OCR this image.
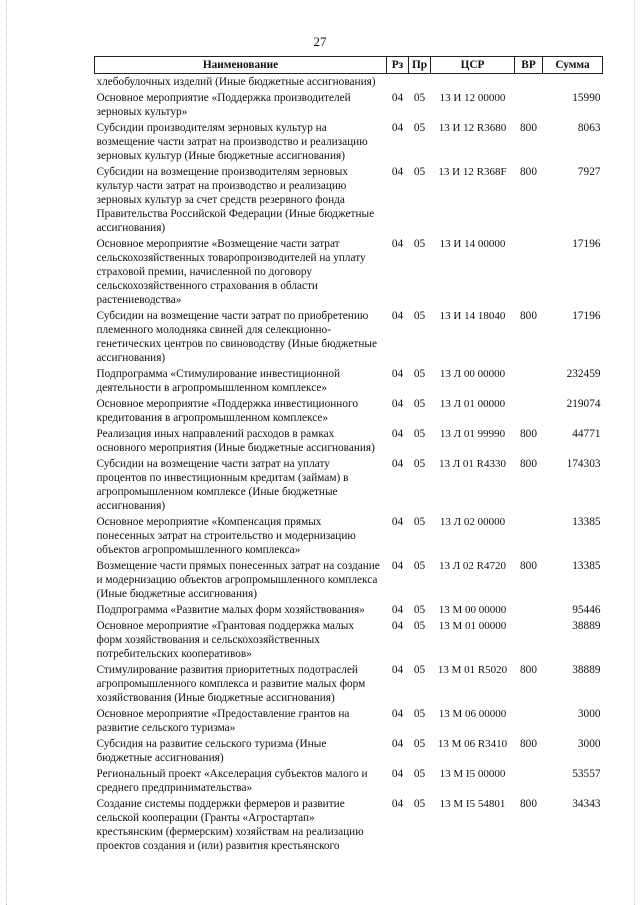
27
Наименование	Рз	Пр	ЦСР	ВР	Сумма
хлебобулочных изделий (Иные бюджетные ассигнования)					
Основное мероприятие «Поддержка производителей зерновых культур»	04	05	13 И 12 00000		15990
Субсидии производителям зерновых культур на возмещение части затрат на производство и реализацию зерновых культур (Иные бюджетные ассигнования)	04	05	13 И 12 R3680	800	8063
Субсидии на возмещение производителям зерновых культур части затрат на производство и реализацию зерновых культур за счет средств резервного фонда Правительства Российской Федерации (Иные бюджетные ассигнования)	04	05	13 И 12 R368F	800	7927
Основное мероприятие «Возмещение части затрат сельскохозяйственных товаропроизводителей на уплату страховой премии, начисленной по договору сельскохозяйственного страхования в области растениеводства»	04	05	13 И 14 00000		17196
Субсидии на возмещение части затрат по приобретению племенного молодняка свиней для селекционно-генетических центров по свиноводству (Иные бюджетные ассигнования)	04	05	13 И 14 18040	800	17196
Подпрограмма «Стимулирование инвестиционной деятельности в агропромышленном комплексе»	04	05	13 Л 00 00000		232459
Основное мероприятие «Поддержка инвестиционного кредитования в агропромышленном комплексе»	04	05	13 Л 01 00000		219074
Реализация иных направлений расходов в рамках основного мероприятия (Иные бюджетные ассигнования)	04	05	13 Л 01 99990	800	44771
Субсидии на возмещение части затрат на уплату процентов по инвестиционным кредитам (займам) в агропромышленном комплексе (Иные бюджетные ассигнования)	04	05	13 Л 01 R4330	800	174303
Основное мероприятие «Компенсация прямых понесенных затрат на строительство и модернизацию объектов агропромышленного комплекса»	04	05	13 Л 02 00000		13385
Возмещение части прямых понесенных затрат на создание и модернизацию объектов агропромышленного комплекса (Иные бюджетные ассигнования)	04	05	13 Л 02 R4720	800	13385
Подпрограмма «Развитие малых форм хозяйствования»	04	05	13 М 00 00000		95446
Основное мероприятие «Грантовая поддержка малых форм хозяйствования и сельскохозяйственных потребительских кооперативов»	04	05	13 М 01 00000		38889
Стимулирование развития приоритетных подотраслей агропромышленного комплекса и развитие малых форм хозяйствования (Иные бюджетные ассигнования)	04	05	13 М 01 R5020	800	38889
Основное мероприятие «Предоставление грантов на развитие сельского туризма»	04	05	13 М 06 00000		3000
Субсидия на развитие сельского туризма (Иные бюджетные ассигнования)	04	05	13 М 06 R3410	800	3000
Региональный проект «Акселерация субъектов малого и среднего предпринимательства»	04	05	13 М I5 00000		53557
Создание системы поддержки фермеров и развитие сельской кооперации (Гранты «Агростартап» крестьянским (фермерским) хозяйствам на реализацию проектов создания и (или) развития крестьянского	04	05	13 М I5 54801	800	34343
